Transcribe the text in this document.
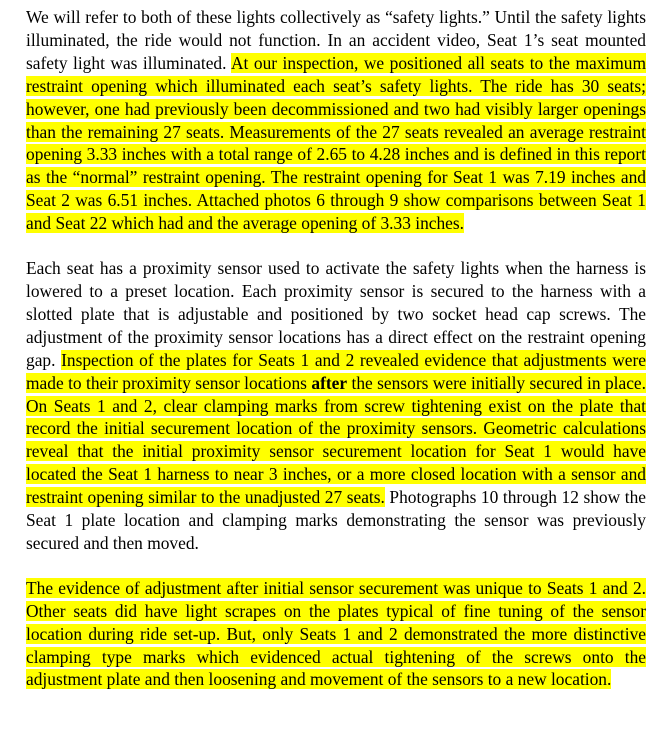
We will refer to both of these lights collectively as “safety lights.” Until the safety lights illuminated, the ride would not function. In an accident video, Seat 1’s seat mounted safety light was illuminated. At our inspection, we positioned all seats to the maximum restraint opening which illuminated each seat’s safety lights. The ride has 30 seats; however, one had previously been decommissioned and two had visibly larger openings than the remaining 27 seats. Measurements of the 27 seats revealed an average restraint opening 3.33 inches with a total range of 2.65 to 4.28 inches and is defined in this report as the “normal” restraint opening. The restraint opening for Seat 1 was 7.19 inches and Seat 2 was 6.51 inches. Attached photos 6 through 9 show comparisons between Seat 1 and Seat 22 which had and the average opening of 3.33 inches.

Each seat has a proximity sensor used to activate the safety lights when the harness is lowered to a preset location. Each proximity sensor is secured to the harness with a slotted plate that is adjustable and positioned by two socket head cap screws. The adjustment of the proximity sensor locations has a direct effect on the restraint opening gap. Inspection of the plates for Seats 1 and 2 revealed evidence that adjustments were made to their proximity sensor locations after the sensors were initially secured in place. On Seats 1 and 2, clear clamping marks from screw tightening exist on the plate that record the initial securement location of the proximity sensors. Geometric calculations reveal that the initial proximity sensor securement location for Seat 1 would have located the Seat 1 harness to near 3 inches, or a more closed location with a sensor and restraint opening similar to the unadjusted 27 seats. Photographs 10 through 12 show the Seat 1 plate location and clamping marks demonstrating the sensor was previously secured and then moved.

The evidence of adjustment after initial sensor securement was unique to Seats 1 and 2. Other seats did have light scrapes on the plates typical of fine tuning of the sensor location during ride set-up. But, only Seats 1 and 2 demonstrated the more distinctive clamping type marks which evidenced actual tightening of the screws onto the adjustment plate and then loosening and movement of the sensors to a new location.
